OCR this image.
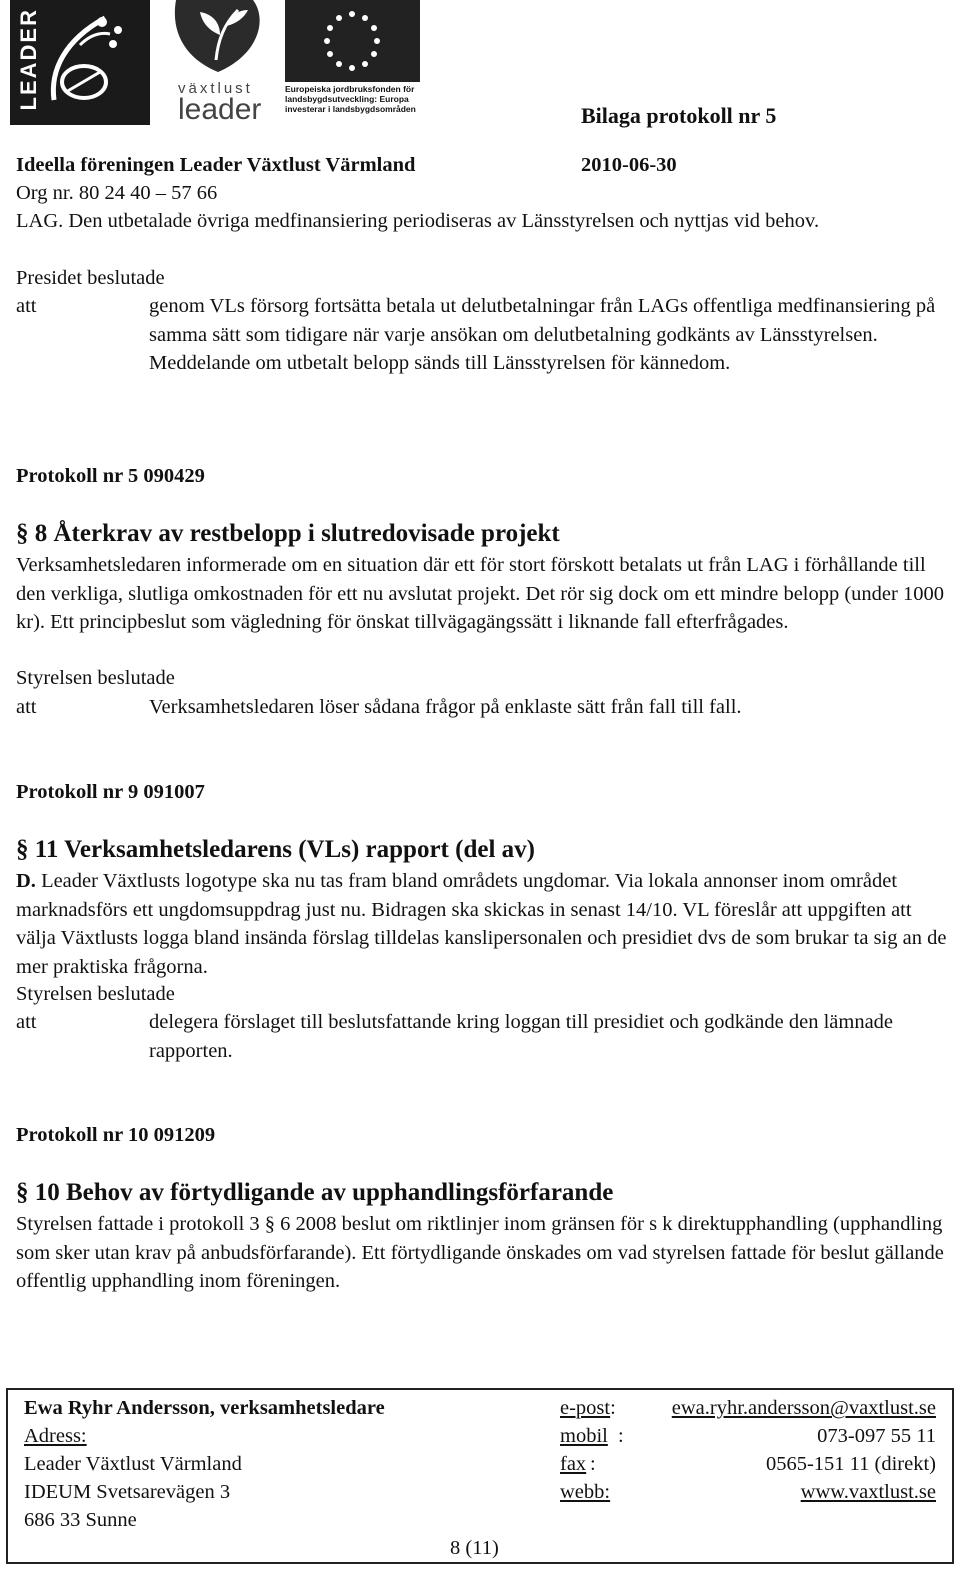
LEADER	växtlust
leader
Europeiska jordbruksfonden för landsbygdsutveckling: Europa investerar i landsbygdsområden	Bilaga protokoll nr 5
Ideella föreningen Leader Växtlust Värmland	2010-06-30
Org nr. 80 24 40 – 57 66
LAG. Den utbetalade övriga medfinansiering periodiseras av Länsstyrelsen och nyttjas vid behov.
Presidet beslutade
att	genom VLs försorg fortsätta betala ut delutbetalningar från LAGs offentliga medfinansiering på samma sätt som tidigare när varje ansökan om delutbetalning godkänts av Länsstyrelsen. Meddelande om utbetalt belopp sänds till Länsstyrelsen för kännedom.
Protokoll nr 5 090429
§ 8 Återkrav av restbelopp i slutredovisade projekt
Verksamhetsledaren informerade om en situation där ett för stort förskott betalats ut från LAG i förhållande till den verkliga, slutliga omkostnaden för ett nu avslutat projekt. Det rör sig dock om ett mindre belopp (under 1000 kr). Ett principbeslut som vägledning för önskat tillvägagängssätt i liknande fall efterfrågades.
Styrelsen beslutade
att	Verksamhetsledaren löser sådana frågor på enklaste sätt från fall till fall.
Protokoll nr 9 091007
§ 11 Verksamhetsledarens (VLs) rapport (del av)
D. Leader Växtlusts logotype ska nu tas fram bland områdets ungdomar. Via lokala annonser inom området marknadsförs ett ungdomsuppdrag just nu. Bidragen ska skickas in senast 14/10. VL föreslår att uppgiften att välja Växtlusts logga bland insända förslag tilldelas kanslipersonalen och presidiet dvs de som brukar ta sig an de mer praktiska frågorna.
Styrelsen beslutade
att	delegera förslaget till beslutsfattande kring loggan till presidiet och godkände den lämnade rapporten.
Protokoll nr 10 091209
§ 10 Behov av förtydligande av upphandlingsförfarande
Styrelsen fattade i protokoll 3 § 6 2008 beslut om riktlinjer inom gränsen för s k direktupphandling (upphandling som sker utan krav på anbudsförfarande). Ett förtydligande önskades om vad styrelsen fattade för beslut gällande offentlig upphandling inom föreningen.
Ewa Ryhr Andersson, verksamhetsledare
Adress:
Leader Växtlust Värmland
IDEUM Svetsarevägen 3
686 33 Sunne
e-post:	ewa.ryhr.andersson@vaxtlust.se
mobil :	073-097 55 11
fax :	0565-151 11 (direkt)
webb:	www.vaxtlust.se
8 (11)
